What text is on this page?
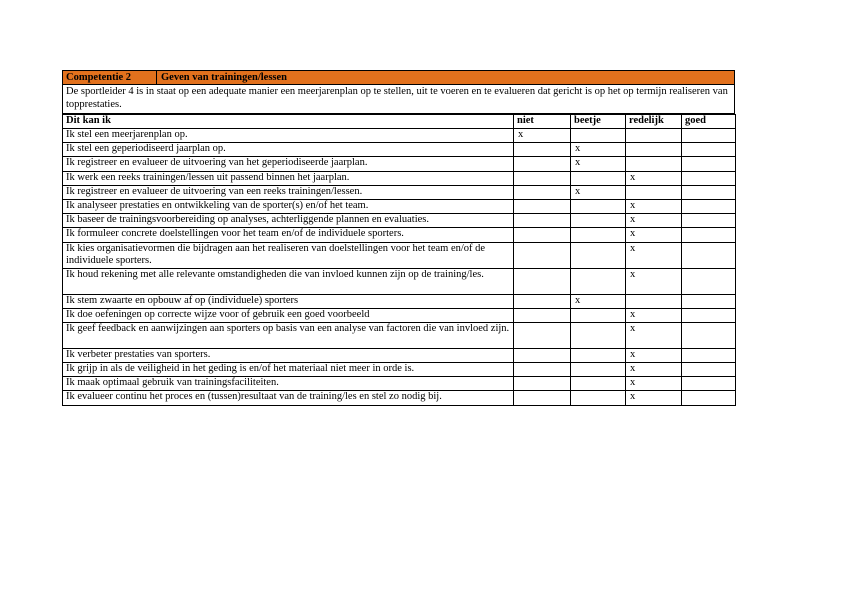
Competentie 2	Geven van trainingen/lessen
De sportleider 4 is in staat op een adequate manier een meerjarenplan op te stellen, uit te voeren en te evalueren dat gericht is op het op termijn realiseren van topprestaties.
Dit kan ik	niet	beetje	redelijk	goed
Ik stel een meerjarenplan op.	x			
Ik stel een geperiodiseerd jaarplan op.		x		
Ik registreer en evalueer de uitvoering van het geperiodiseerde jaarplan.		x		
Ik werk een reeks trainingen/lessen uit passend binnen het jaarplan.			x	
Ik registreer en evalueer de uitvoering van een reeks trainingen/lessen.		x		
Ik analyseer prestaties en ontwikkeling van de sporter(s) en/of het team.			x	
Ik baseer de trainingsvoorbereiding op analyses, achterliggende plannen en evaluaties.			x	
Ik formuleer concrete doelstellingen voor het team en/of de individuele sporters.			x	
Ik kies organisatievormen die bijdragen aan het realiseren van doelstellingen voor het team en/of de individuele sporters.			x	
Ik houd rekening met alle relevante omstandigheden die van invloed kunnen zijn op de training/les.			x	
Ik stem zwaarte en opbouw af op (individuele) sporters		x		
Ik doe oefeningen op correcte wijze voor of gebruik een goed voorbeeld			x	
Ik geef feedback en aanwijzingen aan sporters op basis van een analyse van factoren die van invloed zijn.			x	
Ik verbeter prestaties van sporters.			x	
Ik grijp in als de veiligheid in het geding is en/of het materiaal niet meer in orde is.			x	
Ik maak optimaal gebruik van trainingsfaciliteiten.			x	
Ik evalueer continu het proces en (tussen)resultaat van de training/les en stel zo nodig bij.			x	
